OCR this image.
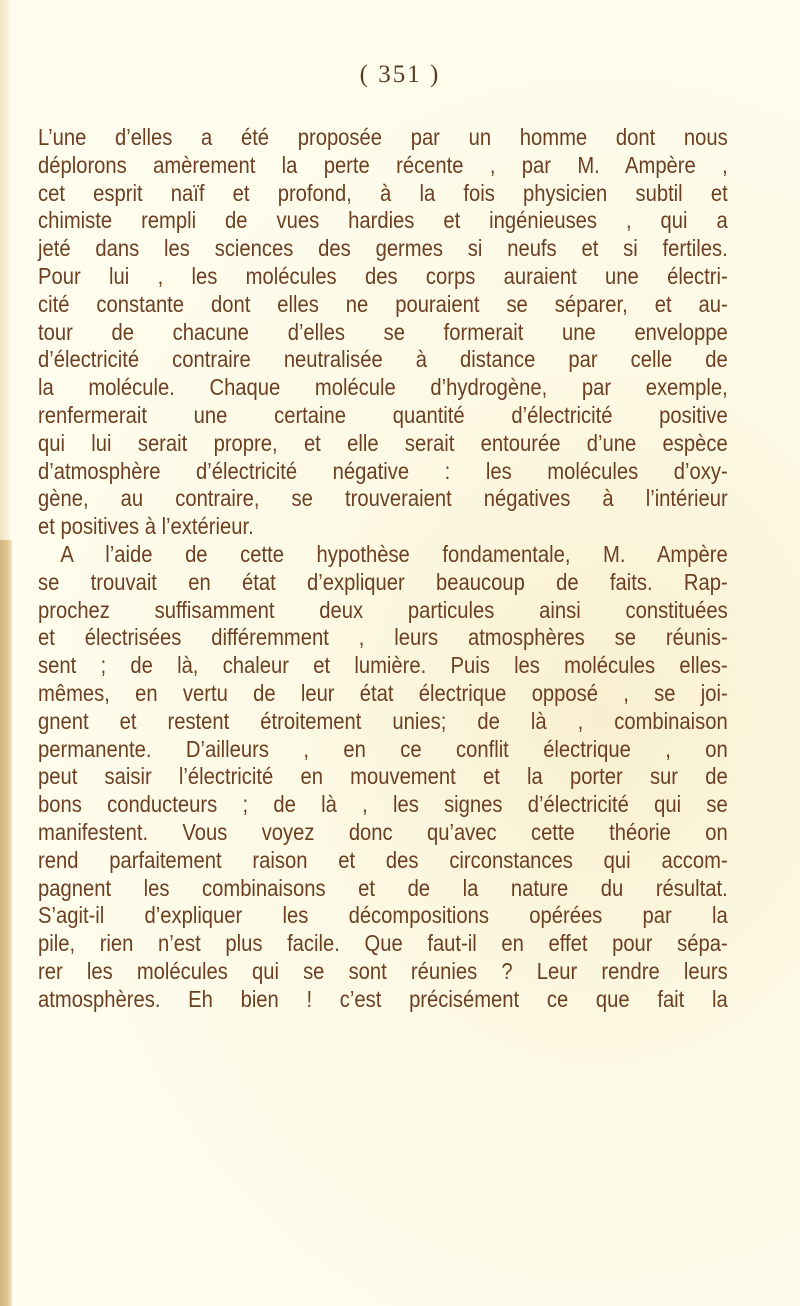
( 351 )
L’une d’elles a été proposée par un homme dont nous
déplorons amèrement la perte récente , par M. Ampère ,
cet esprit naïf et profond, à la fois physicien subtil et
chimiste rempli de vues hardies et ingénieuses , qui a
jeté dans les sciences des germes si neufs et si fertiles.
Pour lui , les molécules des corps auraient une électri-
cité constante dont elles ne pouraient se séparer, et au-
tour de chacune d’elles se formerait une enveloppe
d’électricité contraire neutralisée à distance par celle de
la molécule. Chaque molécule d’hydrogène, par exemple,
renfermerait une certaine quantité d’électricité positive
qui lui serait propre, et elle serait entourée d’une espèce
d’atmosphère d’électricité négative : les molécules d’oxy-
gène, au contraire, se trouveraient négatives à l’intérieur
et positives à l’extérieur.
A l’aide de cette hypothèse fondamentale, M. Ampère
se trouvait en état d’expliquer beaucoup de faits. Rap-
prochez suffisamment deux particules ainsi constituées
et électrisées différemment , leurs atmosphères se réunis-
sent ; de là, chaleur et lumière. Puis les molécules elles-
mêmes, en vertu de leur état électrique opposé , se joi-
gnent et restent étroitement unies; de là , combinaison
permanente. D’ailleurs , en ce conflit électrique , on
peut saisir l’électricité en mouvement et la porter sur de
bons conducteurs ; de là , les signes d’électricité qui se
manifestent. Vous voyez donc qu’avec cette théorie on
rend parfaitement raison et des circonstances qui accom-
pagnent les combinaisons et de la nature du résultat.
S’agit-il d’expliquer les décompositions opérées par la
pile, rien n’est plus facile. Que faut-il en effet pour sépa-
rer les molécules qui se sont réunies ? Leur rendre leurs
atmosphères. Eh bien ! c’est précisément ce que fait la
